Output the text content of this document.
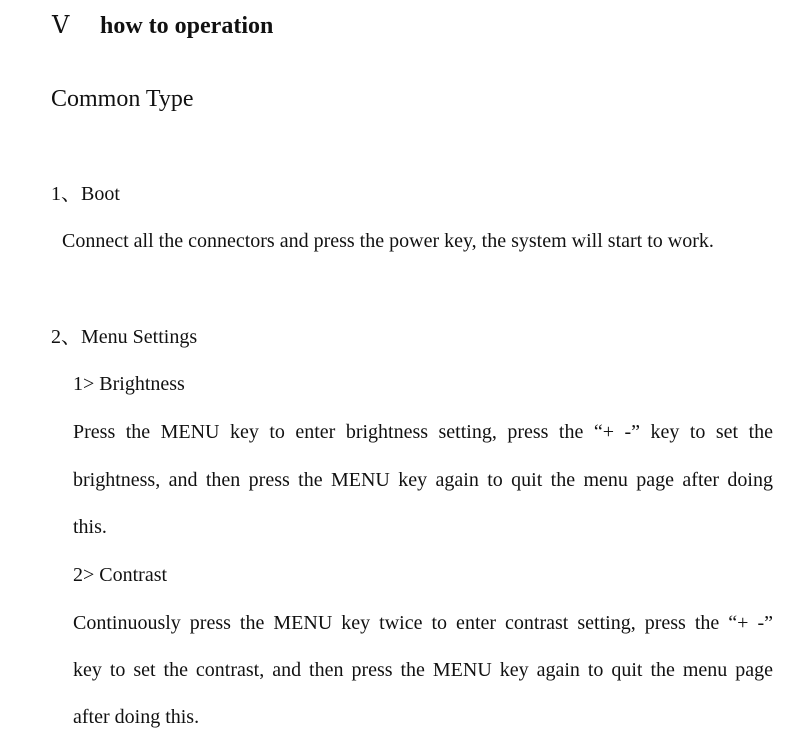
Ⅴ how to operation
Common Type
1、Boot

Connect all the connectors and press the power key, the system will start to work.

2、Menu Settings
1> Brightness

Press the MENU key to enter brightness setting, press the “+ -” key to set the

brightness, and then press the MENU key again to quit the menu page after doing

this.

2> Contrast

Continuously press the MENU key twice to enter contrast setting, press the “+ -”

key to set the contrast, and then press the MENU key again to quit the menu page

after doing this.
